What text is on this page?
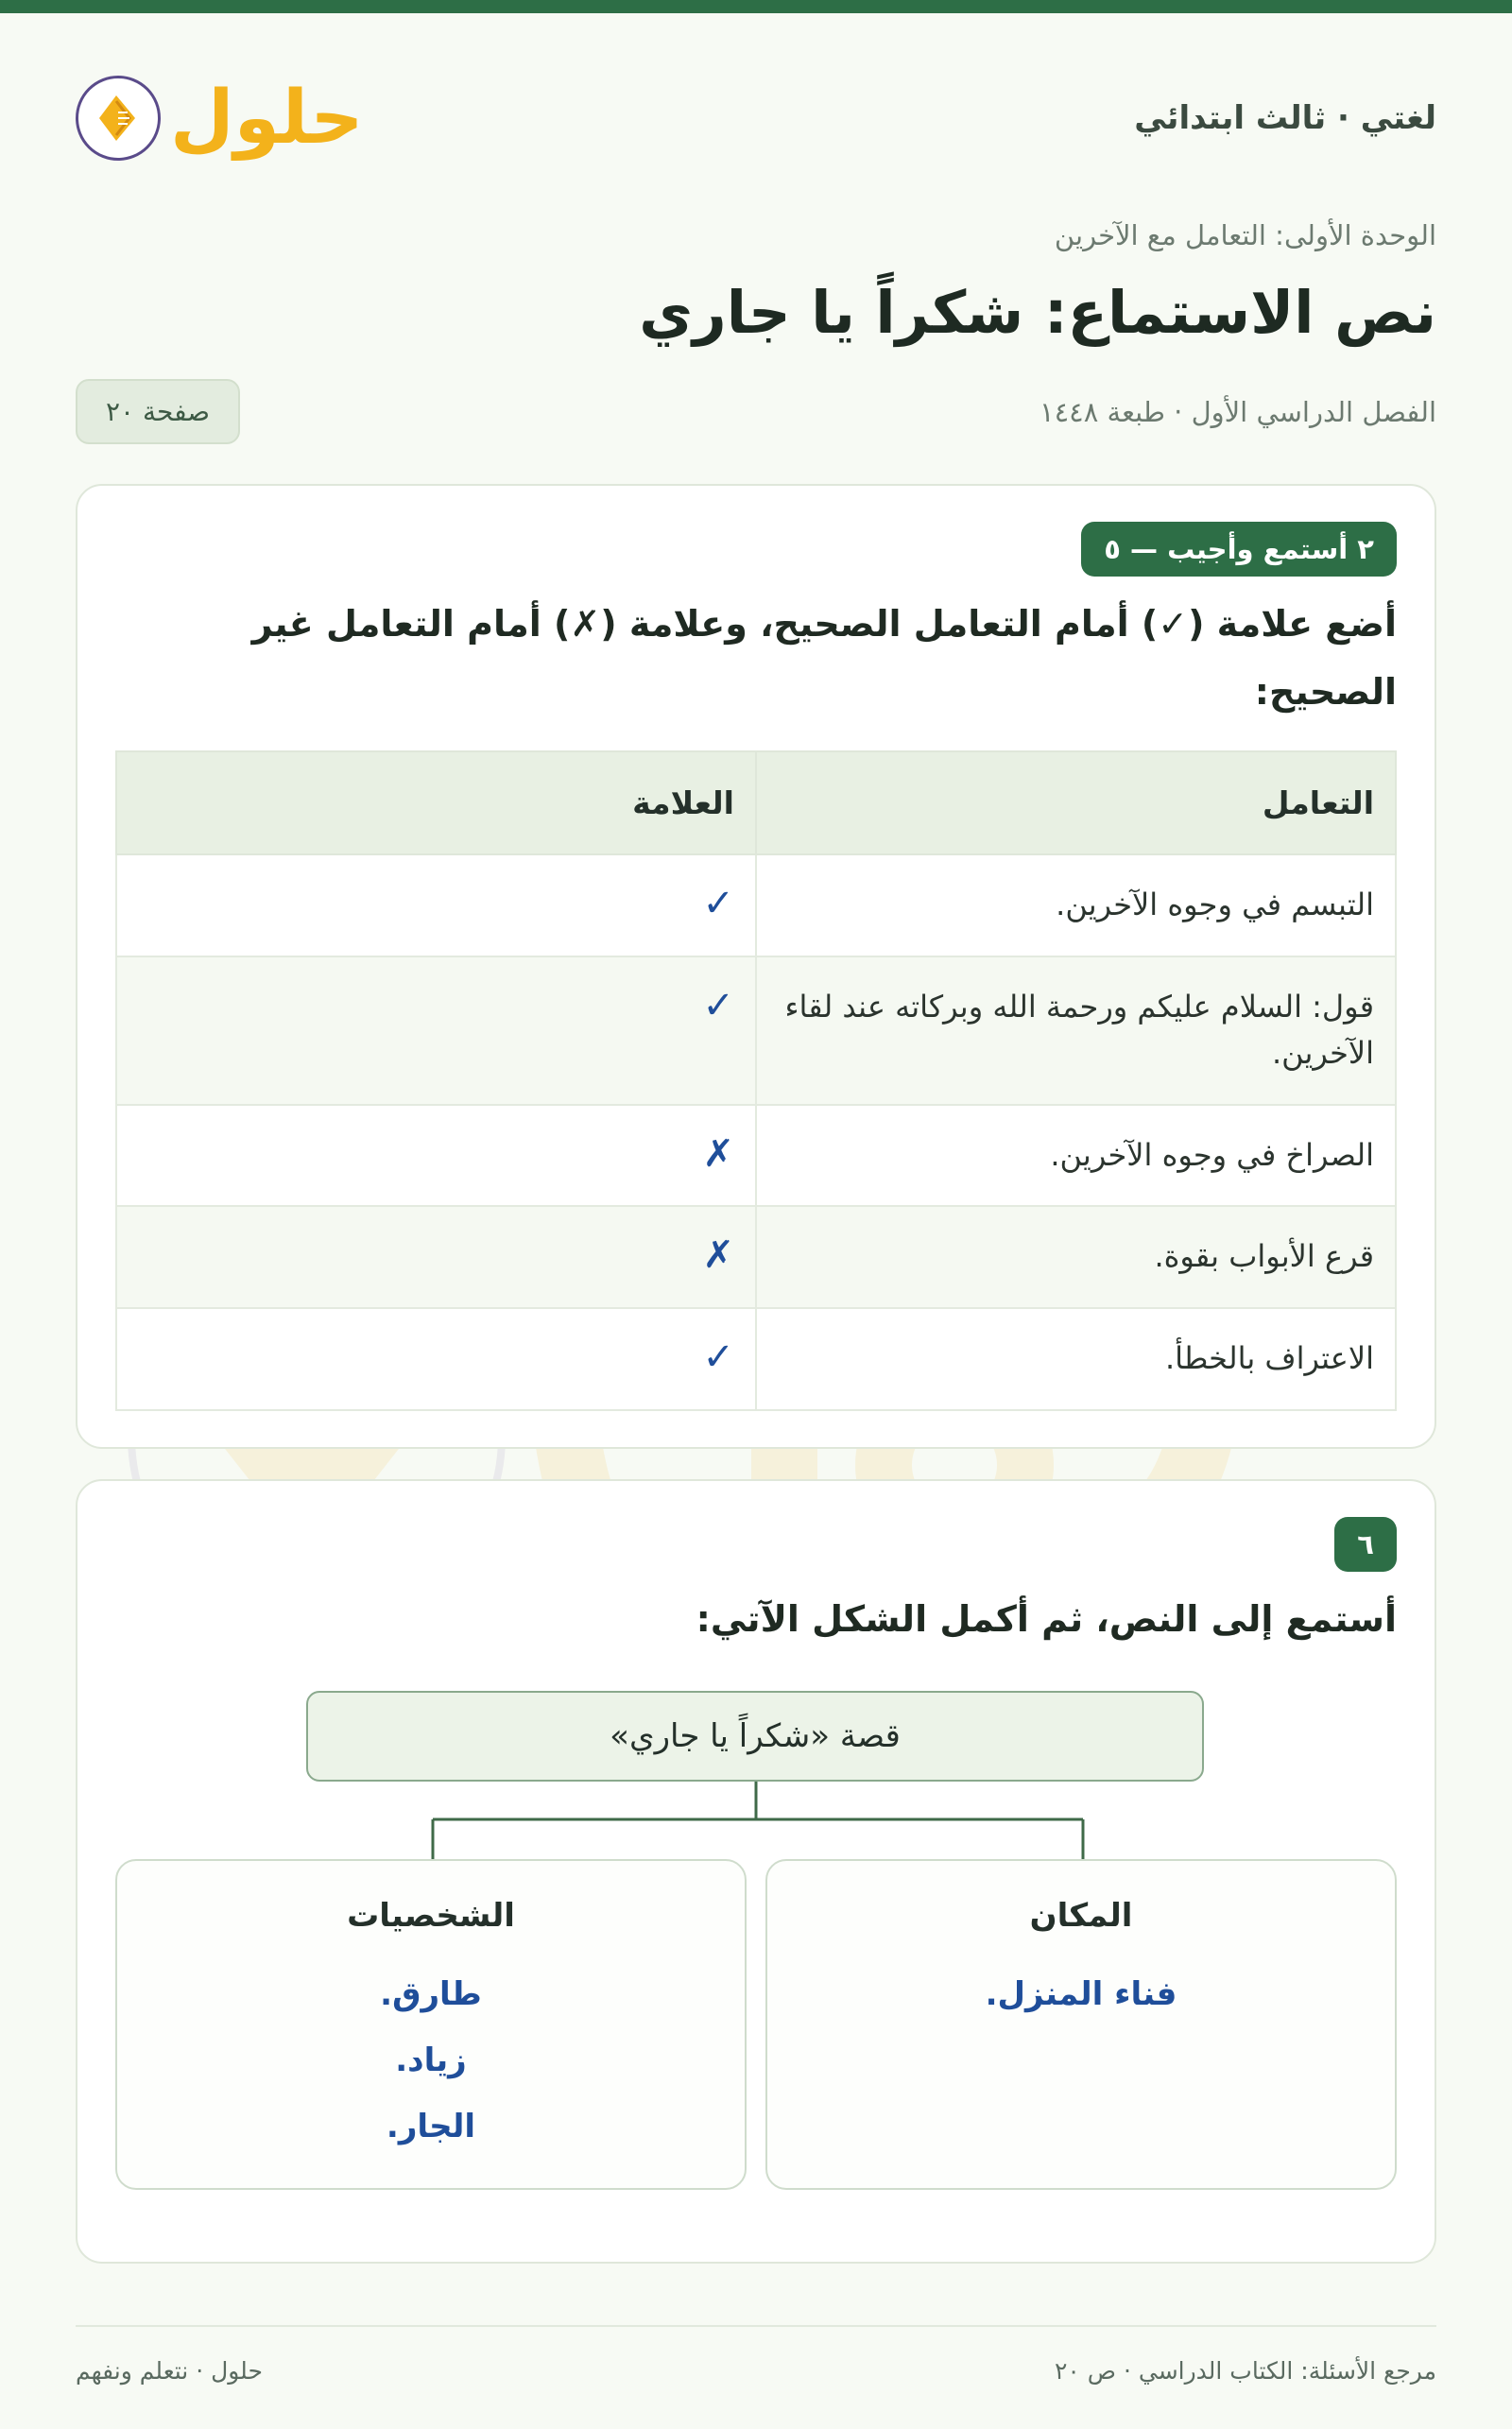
لغتي · ثالث ابتدائي
حلول
الوحدة الأولى: التعامل مع الآخرين
نص الاستماع: شكراً يا جاري
الفصل الدراسي الأول · طبعة ١٤٤٨
صفحة ٢٠
٢ أستمع وأجيب — ٥
أضع علامة (✓) أمام التعامل الصحيح، وعلامة (✗) أمام التعامل غير الصحيح:
التعامل	العلامة
التبسم في وجوه الآخرين.	✓
قول: السلام عليكم ورحمة الله وبركاته عند لقاء الآخرين.	✓
الصراخ في وجوه الآخرين.	✗
قرع الأبواب بقوة.	✗
الاعتراف بالخطأ.	✓
٦
أستمع إلى النص، ثم أكمل الشكل الآتي:
قصة «شكراً يا جاري»
المكان
فناء المنزل.
الشخصيات
طارق.
زياد.
الجار.
مرجع الأسئلة: الكتاب الدراسي · ص ٢٠
حلول · نتعلم ونفهم
